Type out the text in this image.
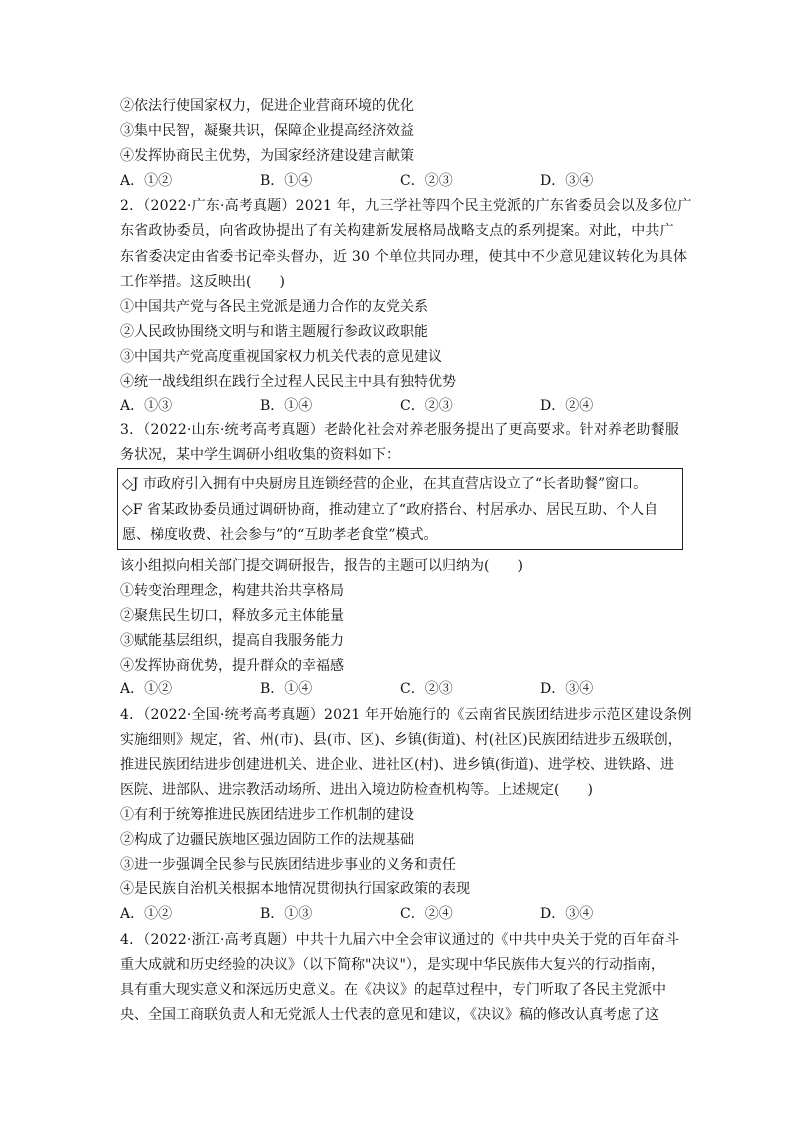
②依法行使国家权力，促进企业营商环境的优化
③集中民智，凝聚共识，保障企业提高经济效益
④发挥协商民主优势，为国家经济建设建言献策
A．①②	B．①④	C．②③	D．③④
2．（2022·广东·高考真题）2021 年，九三学社等四个民主党派的广东省委员会以及多位广
东省政协委员，向省政协提出了有关构建新发展格局战略支点的系列提案。对此，中共广
东省委决定由省委书记牵头督办，近 30 个单位共同办理，使其中不少意见建议转化为具体
工作举措。这反映出(　　)
①中国共产党与各民主党派是通力合作的友党关系
②人民政协围绕文明与和谐主题履行参政议政职能
③中国共产党高度重视国家权力机关代表的意见建议
④统一战线组织在践行全过程人民民主中具有独特优势
A．①③	B．①④	C．②③	D．②④
3．（2022·山东·统考高考真题）老龄化社会对养老服务提出了更高要求。针对养老助餐服
务状况，某中学生调研小组收集的资料如下：
◇J 市政府引入拥有中央厨房且连锁经营的企业，在其直营店设立了“长者助餐”窗口。
◇F 省某政协委员通过调研协商，推动建立了“政府搭台、村居承办、居民互助、个人自
愿、梯度收费、社会参与”的“互助孝老食堂”模式。
该小组拟向相关部门提交调研报告，报告的主题可以归纳为(　　)
①转变治理理念，构建共治共享格局
②聚焦民生切口，释放多元主体能量
③赋能基层组织，提高自我服务能力
④发挥协商优势，提升群众的幸福感
A．①②	B．①④	C．②③	D．③④
4．（2022·全国·统考高考真题）2021 年开始施行的《云南省民族团结进步示范区建设条例
实施细则》规定，省、州(市)、县(市、区)、乡镇(街道)、村(社区)民族团结进步五级联创，
推进民族团结进步创建进机关、进企业、进社区(村)、进乡镇(街道)、进学校、进铁路、进
医院、进部队、进宗教活动场所、进出入境边防检查机构等。上述规定(　　)
①有利于统筹推进民族团结进步工作机制的建设
②构成了边疆民族地区强边固防工作的法规基础
③进一步强调全民参与民族团结进步事业的义务和责任
④是民族自治机关根据本地情况贯彻执行国家政策的表现
A．①②	B．①③	C．②④	D．③④
4．（2022·浙江·高考真题）中共十九届六中全会审议通过的《中共中央关于党的百年奋斗
重大成就和历史经验的决议》（以下简称"决议"），是实现中华民族伟大复兴的行动指南，
具有重大现实意义和深远历史意义。在《决议》的起草过程中，专门听取了各民主党派中
央、全国工商联负责人和无党派人士代表的意见和建议，《决议》稿的修改认真考虑了这
